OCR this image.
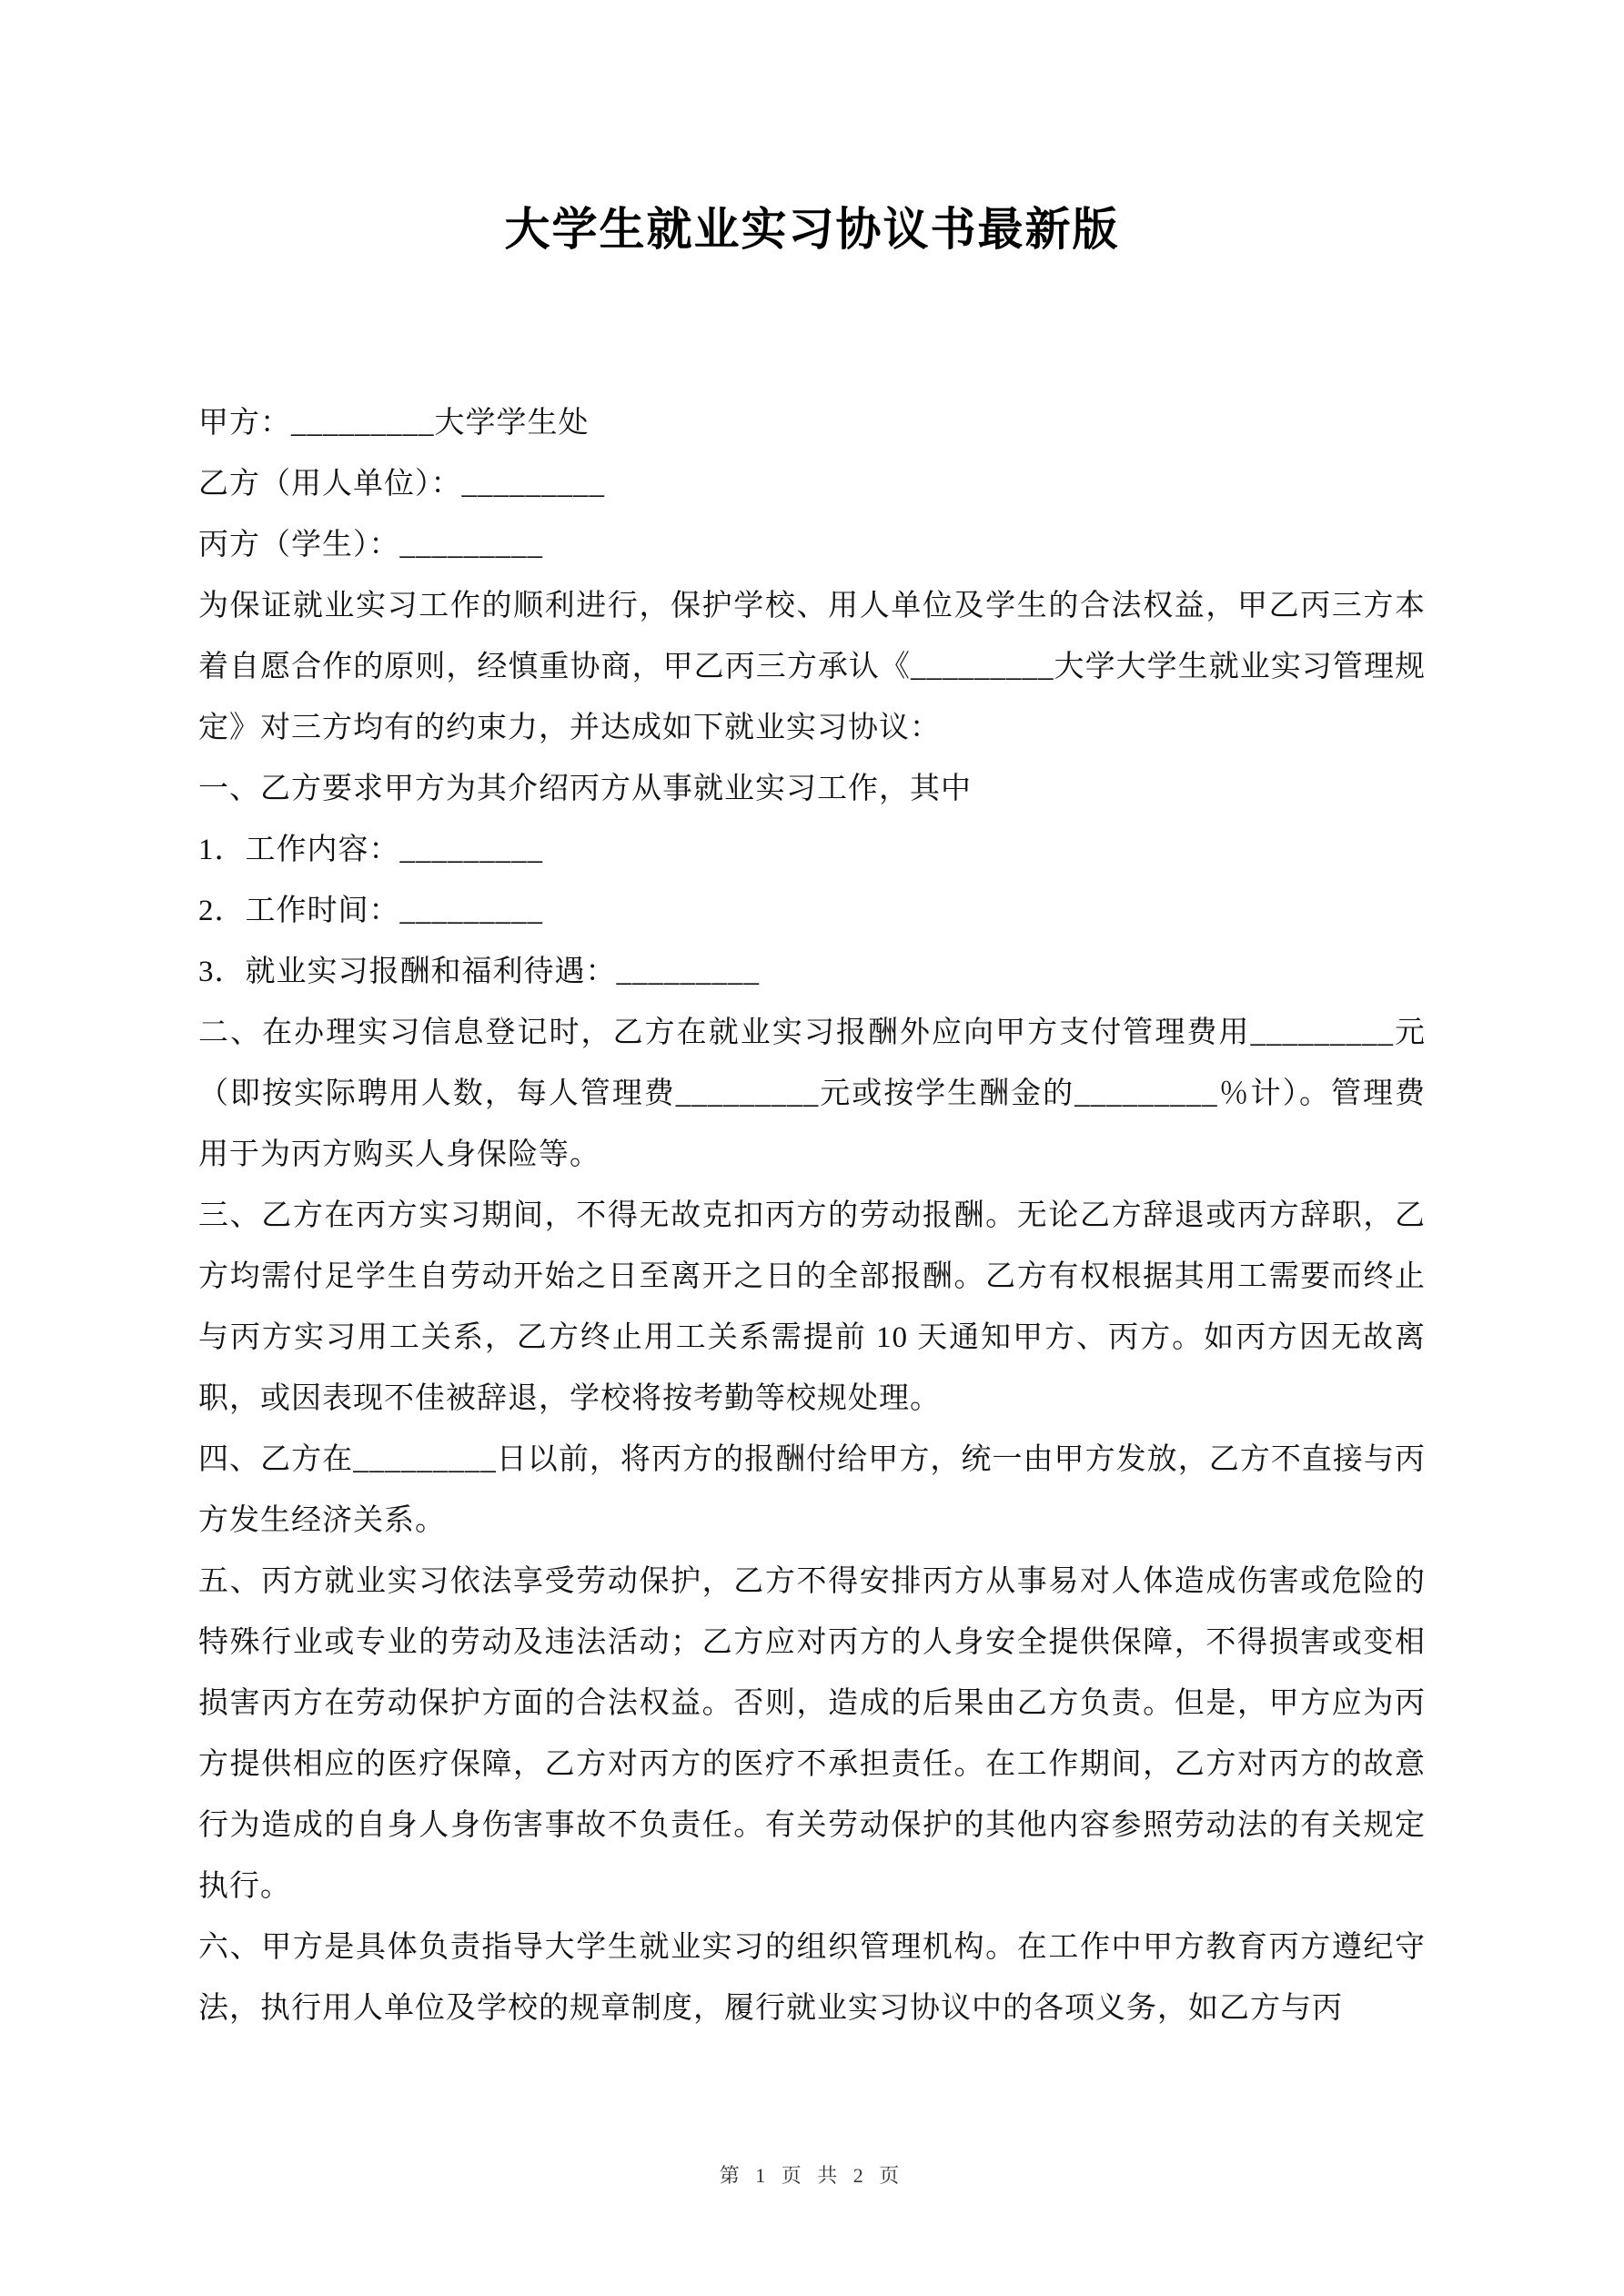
大学生就业实习协议书最新版

甲方：_________大学学生处

乙方（用人单位）：_________

丙方（学生）：_________

为保证就业实习工作的顺利进行，保护学校、用人单位及学生的合法权益，甲乙丙三方本着自愿合作的原则，经慎重协商，甲乙丙三方承认《_________大学大学生就业实习管理规定》对三方均有的约束力，并达成如下就业实习协议：

一、乙方要求甲方为其介绍丙方从事就业实习工作，其中

1．工作内容：_________

2．工作时间：_________

3．就业实习报酬和福利待遇：_________

二、在办理实习信息登记时，乙方在就业实习报酬外应向甲方支付管理费用_________元（即按实际聘用人数，每人管理费_________元或按学生酬金的_________％计）。管理费用于为丙方购买人身保险等。

三、乙方在丙方实习期间，不得无故克扣丙方的劳动报酬。无论乙方辞退或丙方辞职，乙方均需付足学生自劳动开始之日至离开之日的全部报酬。乙方有权根据其用工需要而终止与丙方实习用工关系，乙方终止用工关系需提前 10 天通知甲方、丙方。如丙方因无故离职，或因表现不佳被辞退，学校将按考勤等校规处理。

四、乙方在_________日以前，将丙方的报酬付给甲方，统一由甲方发放，乙方不直接与丙方发生经济关系。

五、丙方就业实习依法享受劳动保护，乙方不得安排丙方从事易对人体造成伤害或危险的特殊行业或专业的劳动及违法活动；乙方应对丙方的人身安全提供保障，不得损害或变相损害丙方在劳动保护方面的合法权益。否则，造成的后果由乙方负责。但是，甲方应为丙方提供相应的医疗保障，乙方对丙方的医疗不承担责任。在工作期间，乙方对丙方的故意行为造成的自身人身伤害事故不负责任。有关劳动保护的其他内容参照劳动法的有关规定执行。

六、甲方是具体负责指导大学生就业实习的组织管理机构。在工作中甲方教育丙方遵纪守法，执行用人单位及学校的规章制度，履行就业实习协议中的各项义务，如乙方与丙

第 1 页 共 2 页
